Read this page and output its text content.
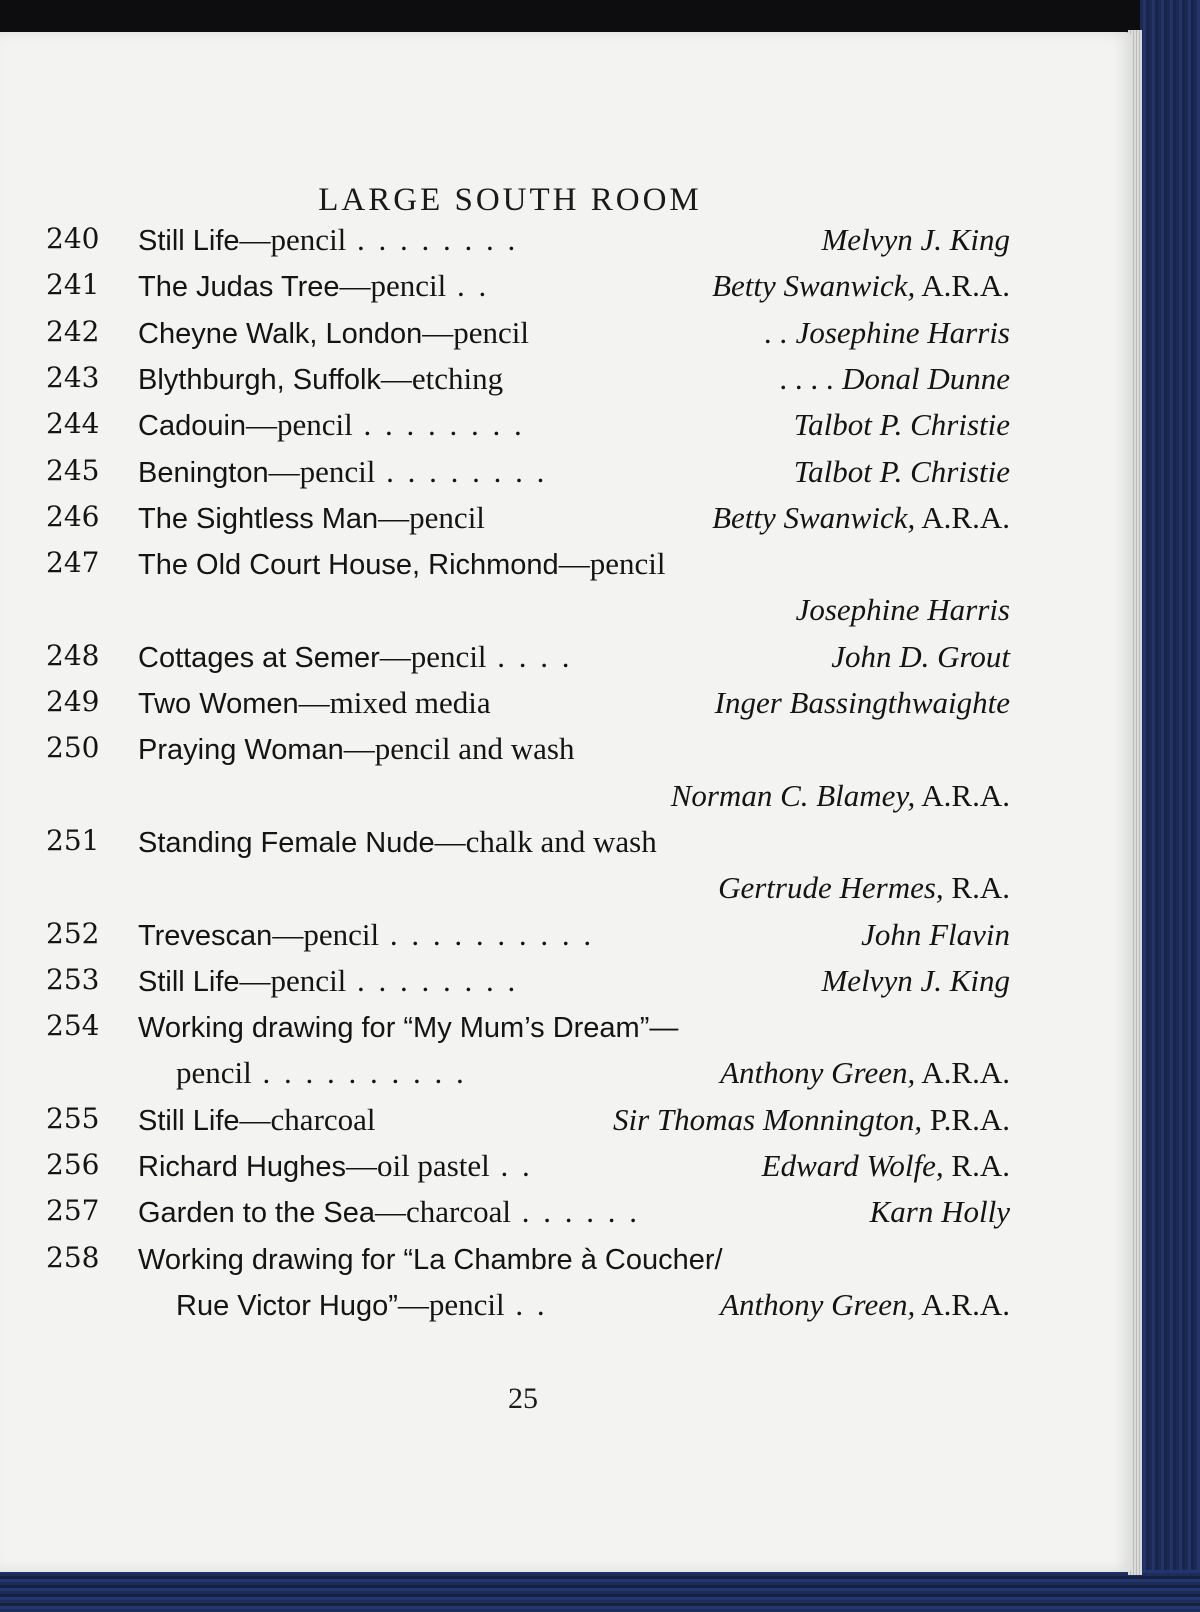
LARGE SOUTH ROOM
240 Still Life—pencil . . . . . . . .	Melvyn J. King
241 The Judas Tree—pencil . .	Betty Swanwick, A.R.A.
242 Cheyne Walk, London—pencil	. . Josephine Harris
243 Blythburgh, Suffolk—etching	. . . . Donal Dunne
244 Cadouin—pencil . . . . . . . .	Talbot P. Christie
245 Benington—pencil . . . . . . . .	Talbot P. Christie
246 The Sightless Man—pencil	Betty Swanwick, A.R.A.
247 The Old Court House, Richmond—pencil
Josephine Harris
248 Cottages at Semer—pencil . . . .	John D. Grout
249 Two Women—mixed media	Inger Bassingthwaighte
250 Praying Woman—pencil and wash
Norman C. Blamey, A.R.A.
251 Standing Female Nude—chalk and wash
Gertrude Hermes, R.A.
252 Trevescan—pencil . . . . . . . . . .	John Flavin
253 Still Life—pencil . . . . . . . .	Melvyn J. King
254 Working drawing for “My Mum’s Dream”—
pencil . . . . . . . . . .	Anthony Green, A.R.A.
255 Still Life—charcoal	Sir Thomas Monnington, P.R.A.
256 Richard Hughes—oil pastel . .	Edward Wolfe, R.A.
257 Garden to the Sea—charcoal . . . . . .	Karn Holly
258 Working drawing for “La Chambre à Coucher/
Rue Victor Hugo”—pencil . .	Anthony Green, A.R.A.
25
